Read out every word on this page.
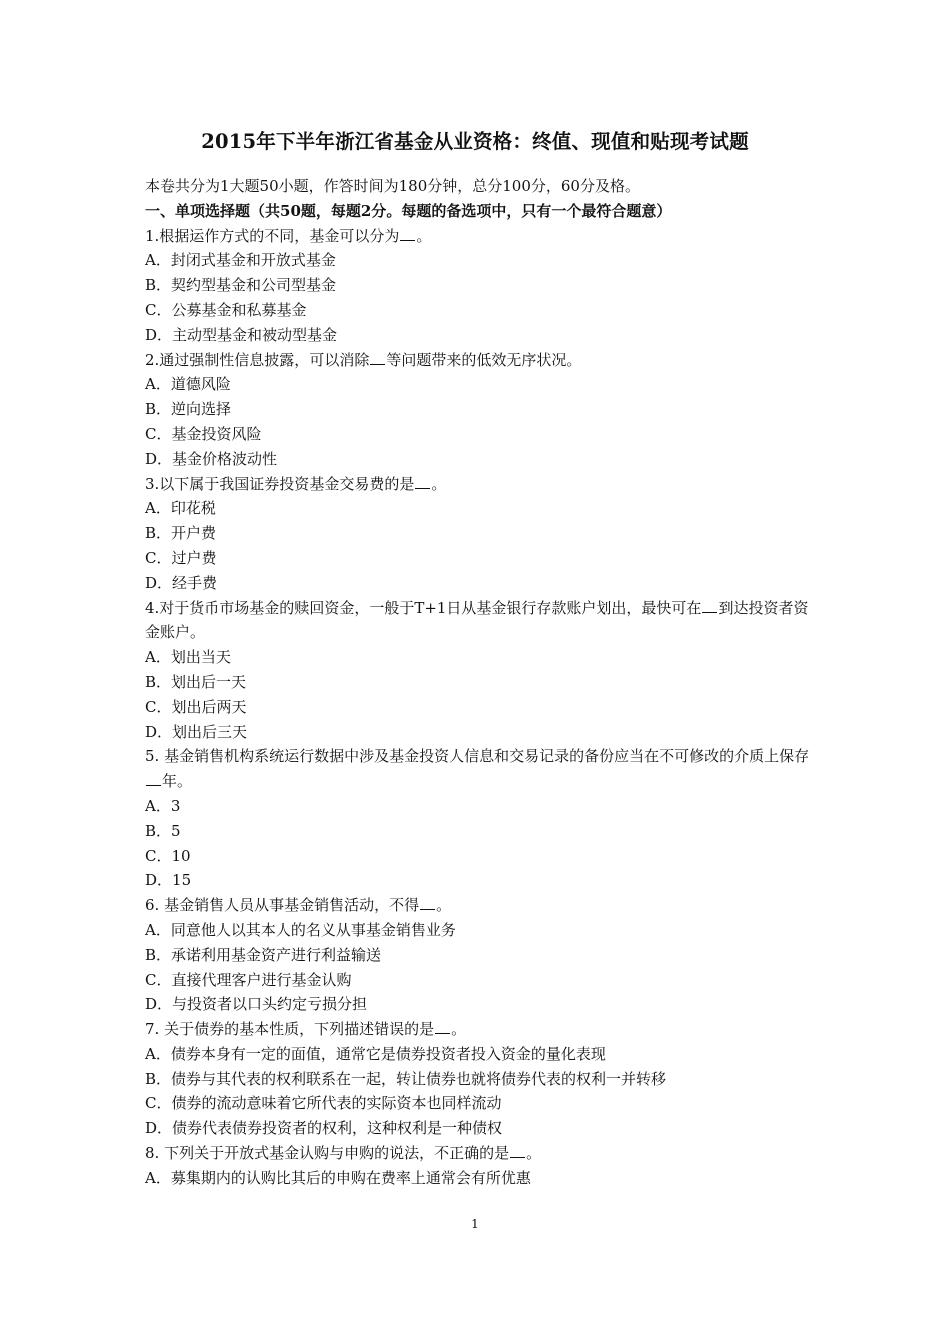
2015年下半年浙江省基金从业资格：终值、现值和贴现考试题
本卷共分为1大题50小题，作答时间为180分钟，总分100分，60分及格。
一、单项选择题（共50题，每题2分。每题的备选项中，只有一个最符合题意）
1.根据运作方式的不同，基金可以分为 。
A．封闭式基金和开放式基金
B．契约型基金和公司型基金
C．公募基金和私募基金
D．主动型基金和被动型基金
2.通过强制性信息披露，可以消除 等问题带来的低效无序状况。
A．道德风险
B．逆向选择
C．基金投资风险
D．基金价格波动性
3.以下属于我国证券投资基金交易费的是 。
A．印花税
B．开户费
C．过户费
D．经手费
4.对于货币市场基金的赎回资金，一般于T+1日从基金银行存款账户划出，最快可在 到达投资者资金账户。
A．划出当天
B．划出后一天
C．划出后两天
D．划出后三天
5. 基金销售机构系统运行数据中涉及基金投资人信息和交易记录的备份应当在不可修改的介质上保存年。
A．3
B．5
C．10
D．15
6. 基金销售人员从事基金销售活动，不得 。
A．同意他人以其本人的名义从事基金销售业务
B．承诺利用基金资产进行利益输送
C．直接代理客户进行基金认购
D．与投资者以口头约定亏损分担
7. 关于债券的基本性质，下列描述错误的是 。
A．债券本身有一定的面值，通常它是债券投资者投入资金的量化表现
B．债券与其代表的权利联系在一起，转让债券也就将债券代表的权利一并转移
C．债券的流动意味着它所代表的实际资本也同样流动
D．债券代表债券投资者的权利，这种权利是一种债权
8. 下列关于开放式基金认购与申购的说法，不正确的是 。
A．募集期内的认购比其后的申购在费率上通常会有所优惠
1
